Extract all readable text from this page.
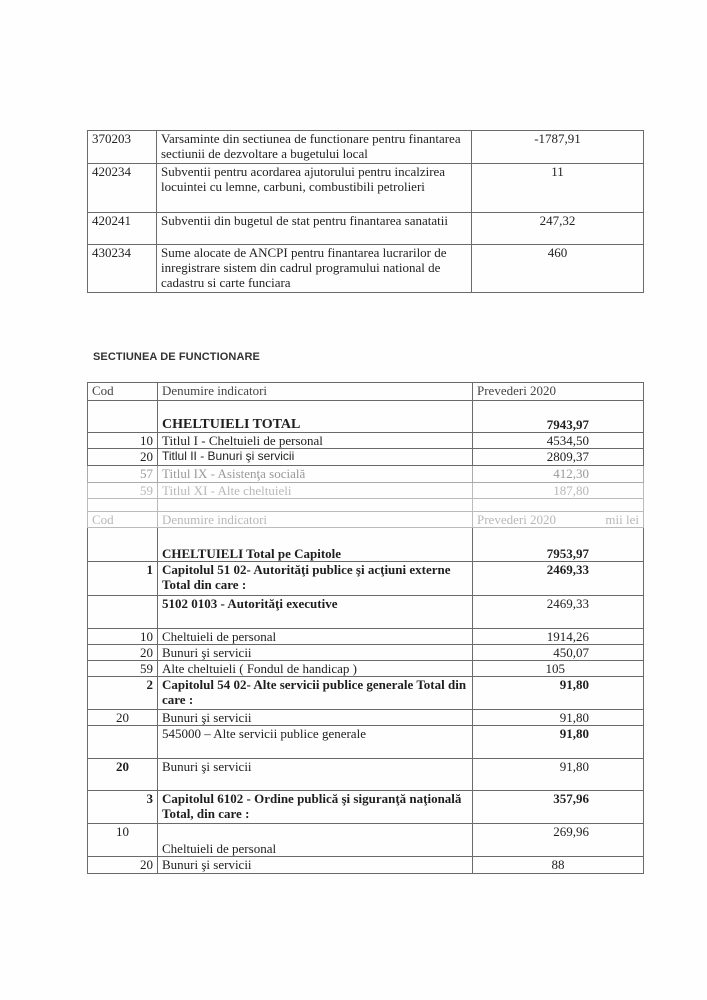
370203	Varsaminte din sectiunea de functionare pentru finantarea sectiunii de dezvoltare a bugetului local	-1787,91
420234	Subventii pentru acordarea ajutorului pentru incalzirea locuintei cu lemne, carbuni, combustibili petrolieri	11
420241	Subventii din bugetul de stat pentru finantarea sanatatii	247,32
430234	Sume alocate de ANCPI pentru finantarea lucrarilor de inregistrare sistem din cadrul programului national de cadastru si carte funciara	460
SECTIUNEA DE FUNCTIONARE
Cod	Denumire indicatori	Prevederi 2020
	CHELTUIELI TOTAL	7943,97
10	Titlul I - Cheltuieli de personal	4534,50
20	Titlul II - Bunuri şi servicii	2809,37
57	Titlul IX - Asistenţa socială	412,30
59	Titlul XI - Alte cheltuieli	187,80

Cod	Denumire indicatori	Prevederi 2020 mii lei

	CHELTUIELI Total pe Capitole	7953,97
1	Capitolul 51 02- Autorităţi publice şi acţiuni externe Total din care :	2469,33
	5102 0103 - Autorităţi executive	2469,33
10	Cheltuieli de personal	1914,26
20	Bunuri şi servicii	450,07
59	Alte cheltuieli ( Fondul de handicap )	105
2	Capitolul 54 02- Alte servicii publice generale Total din care :	91,80
20	Bunuri şi servicii	91,80
	545000 – Alte servicii publice generale	91,80
20	Bunuri şi servicii	91,80
3	Capitolul 6102 - Ordine publică şi siguranţă naţională Total, din care :	357,96
10	Cheltuieli de personal	269,96
20	Bunuri şi servicii	88
